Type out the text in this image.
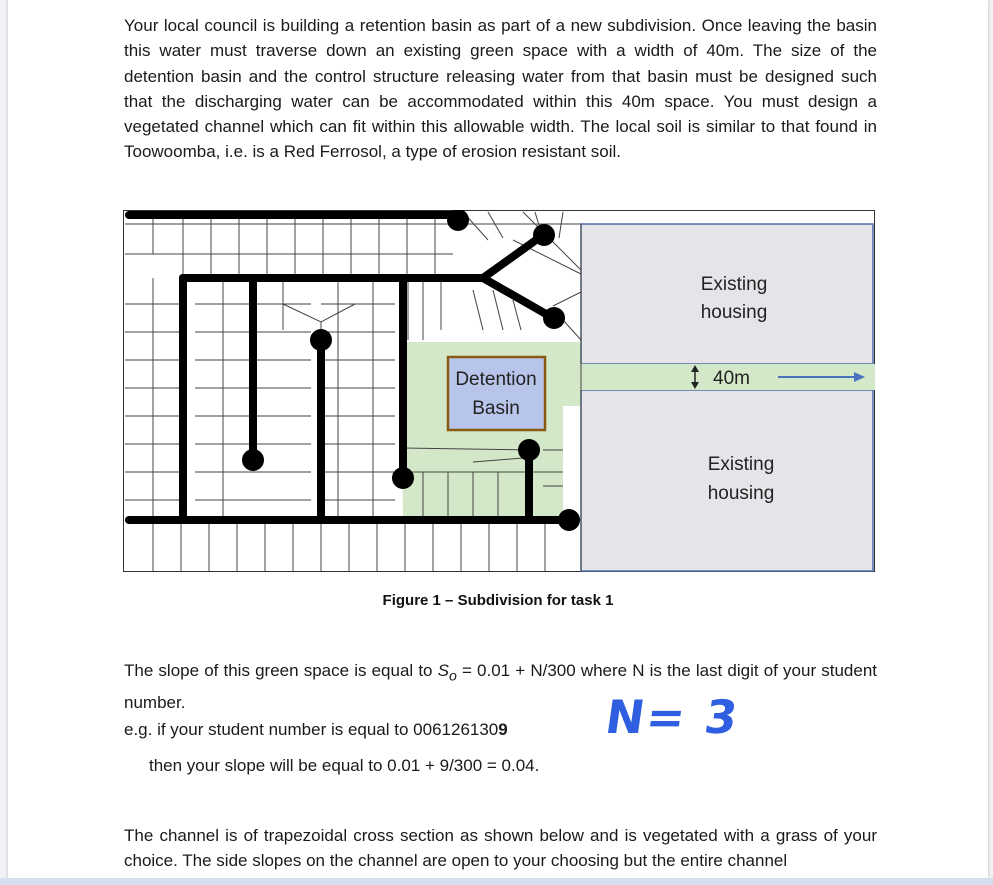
Your local council is building a retention basin as part of a new subdivision. Once leaving the basin this water must traverse down an existing green space with a width of 40m. The size of the detention basin and the control structure releasing water from that basin must be designed such that the discharging water can be accommodated within this 40m space. You must design a vegetated channel which can fit within this allowable width. The local soil is similar to that found in Toowoomba, i.e. is a Red Ferrosol, a type of erosion resistant soil.

Detention
Basin
Existing
housing
Existing
housing
40m
Figure 1 – Subdivision for task 1

The slope of this green space is equal to $S_o = 0.01 + N/300$ where N is the last digit of your student number.

e.g. if your student number is equal to 0061261309
then your slope will be equal to 0.01 + 9/300 = 0.04.
N= 3

The channel is of trapezoidal cross section as shown below and is vegetated with a grass of your choice. The side slopes on the channel are open to your choosing but the entire channel
